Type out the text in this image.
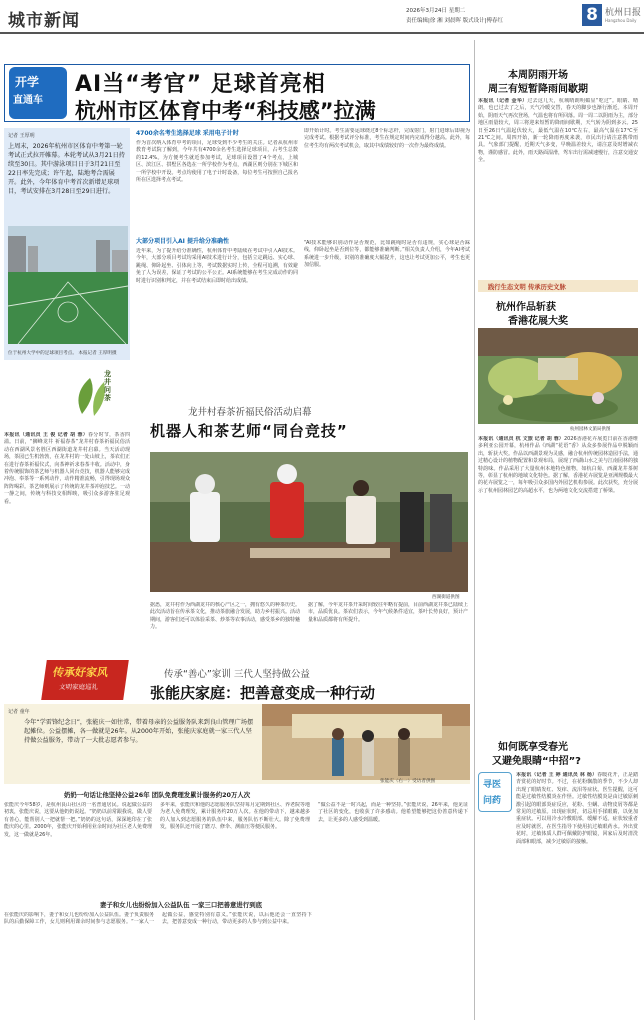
城市新闻	2026年3月24日 星期二
责任编辑|徐 湘 刘晨晖 版式设计|傅春红	8 杭州日报
Hangzhou Daily
开学
直通车
AI当“考官” 足球首亮相
杭州市区体育中考“科技感”拉满
记者 王厚明
上周末，2026年杭州市区体育中考第一轮考试正式拉开帷幕。本轮考试从3月21日持续至30日。其中游泳项目日于3月21日至22日率先完成；许午起，陆地考合需展开。此外，今年体育中考首次新增足球项目，考试安排在3月28日至29日进行。
位于杭州大学中的足球项目考点。 本报记者 王厚明摄
4700余名考生选择足球 采用电子计时
作为首次纳入体育中考的项目，足球受到不少考生的关注。记者从杭州市教育考试院了解到，今年共有4700余名考生选择足球项目，占考生总数的12.4%。为方便考生就近参加考试，足球项目设置了4个考点，上城区、滨江区、拱墅区各选在一所学校作为考点，西湖区则分别在下城区和一所学校中开设。考点均使用了电子计时设备，每位考生可按照自己报名所在区选择考点考试。
大部分项目引入AI 提升给分准确性
近年来，为了提升给分准确性，杭州体育中考陆续在考试中引入AI技术。今年，大部分项目考试均采用AI技术进行计分，包括立定跳远、实心球、跳绳、仰卧起坐、引体向上等，考试数据实时上传，全程可追溯，有效避免了人为误差，保证了考试的公平公正。AI系统能够在考生完成动作的同时进行识别和判定，并在考试结束后即时给出成绩。
即开始计时。考生需要运球绕过8个标志杆，完成射门，射门进球后即视为完成考试。根据考试评分标准，考生在规定时间内完成得分越高。此外，每位考生均有两次考试机会，取其中成绩较好的一次作为最终成绩。
“AI技术能够识别动作是否规范，比如跳绳时是否有违规，实心球是否踩线，仰卧起坐是否到位等，都能够准确判断。”相关负责人介绍，今年AI考试系统进一步升级，识别的准确度大幅提升，这也让考试更加公平，考生也更加信服。
本周阴雨开场
周三有短暂降雨间歇期
本报讯（记者 金华）过去这几天，杭城晴朗明媚显“吃过”。眼睛、晴朗，也已过去了之后，天气冷暖交替，春天的脚步也渐行渐近。本周开始，阴雨天气再次登场，气温也将有所回落。周一周二以阴雨为主，部分地区雨量较大，周三将迎来短暂的降雨间歇期，天气转为阴到多云。25日至26日气温起伏较大，最低气温在10℃左右，最高气温在17℃至21℃之间。周四开始，新一轮降雨再度来袭，市民出行请注意携带雨具。气象部门提醒，近期天气多变，早晚温差较大，请注意及时增减衣物，谨防感冒。此外，雨天路面湿滑，驾车出行需减速慢行，注意交通安全。
践行生态文明 传承历史文脉
杭州作品斩获
香港花展大奖
杭州园林文旅局供图
本报讯（通讯员 杭 文旅 记者 胡 蓉）2026香港花卉展览日前在香港维多利亚公园开幕，杭州作品《西湖“花语”香》从众多参展作品中脱颖而出，斩获大奖。作品以西湖景观为灵感，融合杭州传统园林造园手法，通过精心设计的植物配置和景观布局，展现了西湖山水之美与江南园林的独特韵味。作品采用了大量杭州本地特色植物，如杭白菊、西湖龙井茶树等，彰显了杭州的地域文化特色。据了解，香港花卉展览是亚洲规模最大的花卉展览之一，每年吸引众多国内外园艺机构参展。此次获奖，充分展示了杭州园林园艺的高超水平，也为两地文化交流搭建了桥梁。
如何既享受春光
又避免眼睛“中招”?
寻医
问药
本报讯（记者 王 婷 通讯员 林 杨）春暖花开，正是踏青赏花的好时节。不过，在花粉飘散的季节，不少人却出现了眼睛发红、发痒、流泪等症状。医生提醒，这可能是过敏性结膜炎在作怪。过敏性结膜炎是由过敏原刺激引起的眼部炎症反应，花粉、尘螨、动物皮屑等都是常见的过敏原。出现症状时，切忌用手揉眼睛，以免加重症状。可以用冷水冷敷眼部，缓解不适。症状较重者应及时就医，在医生指导下使用抗过敏眼药水。外出赏花时，过敏体质人群可佩戴防护眼镜，回家后及时清洗面部和眼部，减少过敏原的接触。
龙井问茶
本报讯（通讯员 王 俊 记者 胡 蓉）春分时节，茶香四溢。日前，“狮峰龙井 祈福春茶”龙井村春茶祈福民俗活动在西湖风景名胜区西湖街道龙井村启幕。当天活动现场，茶园已生机勃勃，在龙井村的一处山坡上，茶农们正在进行春茶祈福仪式，向茶神祈求春茶丰收。活动中，身着传统服饰的茶艺师与机器人同台竞技，机器人能够完成冲泡、奉茶等一系列动作，动作精准流畅，引得现场观众阵阵喝彩。茶艺师则展示了传统的龙井茶冲泡技艺。一动一静之间，传统与科技交相辉映，吸引众多游客驻足观看。
龙井村春茶祈福民俗活动启幕
机器人和茶艺师“同台竞技”
西湖街道供图
据悉，龙井村作为西湖龙井的核心产区之一，拥有悠久的种茶历史。此次活动旨在传承茶文化，推动茶旅融合发展，助力乡村振兴。活动期间，游客们还可以体验采茶、炒茶等农事活动，感受茶乡的独特魅力。
据了解，今年龙井茶开采时间较往年略有提前，目前西湖龙井茶已陆续上市，品质优良。茶农们表示，今年气候条件适宜，茶叶长势良好，预计产量和品质都将有所提升。
传承好家风
文明家庭巡礼
传承“善心”家训 三代人坚持做公益
张能庆家庭：把善意变成一种行动
记者 童年
今年“学雷锋纪念日”，张能庆一如往常，带着母亲的公益服务队来到良山管理广场摆起摊位。公益摆摊，各一做就是26年。从2000年开始，张能庆家庭就一家三代人坚持做公益服务，带动了一大批志愿者参与。
张能庆（右一）受访者供图
奶奶一句话让他坚持公益26年 团队免费理发累计服务约20万人次
张能庆今年58岁，是杭州良山社区的一名普通居民。说起做公益的初衷，张能庆说，这要从他奶奶说起。“奶奶以前常跟我说，做人要有善心，能帮别人一把就帮一把。”奶奶的这句话，深深地印在了张能庆的心里。2000年，张能庆开始利用业余时间为社区老人免费理发，这一做就是26年。
多年来，张能庆和他的志愿服务队坚持每月定期到社区、养老院等地为老人免费理发，累计服务约20万人次。在他的带动下，越来越多的人加入到志愿服务的队伍中来，服务队伍不断壮大。除了免费理发，服务队还开展了磨刀、修伞、测血压等便民服务。
“做公益不是一时兴起，而是一种坚持。”张能庆说，26年来，他见证了社区的变化，也收获了许多感动。他希望能够把这份善意传递下去，让更多的人感受到温暖。
妻子和女儿也纷纷加入公益队伍 一家三口把善意进行到底
在张能庆的影响下，妻子和女儿也纷纷加入公益队伍。妻子负责服务队的后勤保障工作，女儿则利用课余时间参与志愿服务。“一家人一起做公益，感觉特别有意义。”张能庆说，以后他还会一直坚持下去，把善意变成一种行动，带动更多的人参与到公益中来。
